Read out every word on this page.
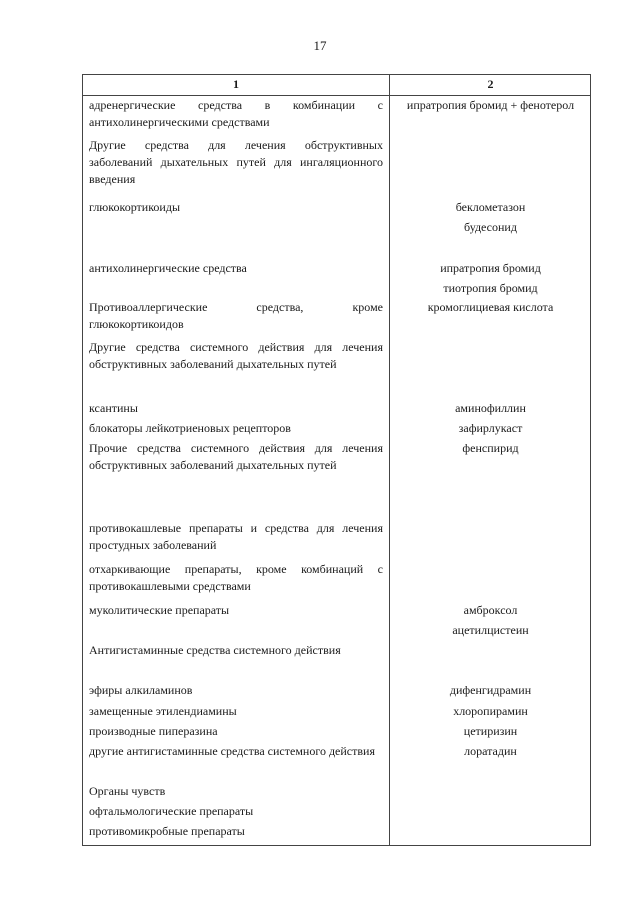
17
1	2
адренергические средства в комбинации с антихолинергическими средствами
Другие средства для лечения обструктивных заболеваний дыхательных путей для ингаляционного введения
глюкокортикоиды
антихолинергические средства
Противоаллергические средства, кроме глюкокортикоидов
Другие средства системного действия для лечения обструктивных заболеваний дыхательных путей
ксантины
блокаторы лейкотриеновых рецепторов
Прочие средства системного действия для лечения обструктивных заболеваний дыхательных путей
противокашлевые препараты и средства для лечения простудных заболеваний
отхаркивающие препараты, кроме комбинаций с противокашлевыми средствами
муколитические препараты
Антигистаминные средства системного действия
эфиры алкиламинов
замещенные этилендиамины
производные пиперазина
другие антигистаминные средства системного действия
Органы чувств
офтальмологические препараты
противомикробные препараты
ипратропия бромид + фенотерол
беклометазон
будесонид
ипратропия бромид
тиотропия бромид
кромоглициевая кислота
аминофиллин
зафирлукаст
фенспирид
амброксол
ацетилцистеин
дифенгидрамин
хлоропирамин
цетиризин
лоратадин
